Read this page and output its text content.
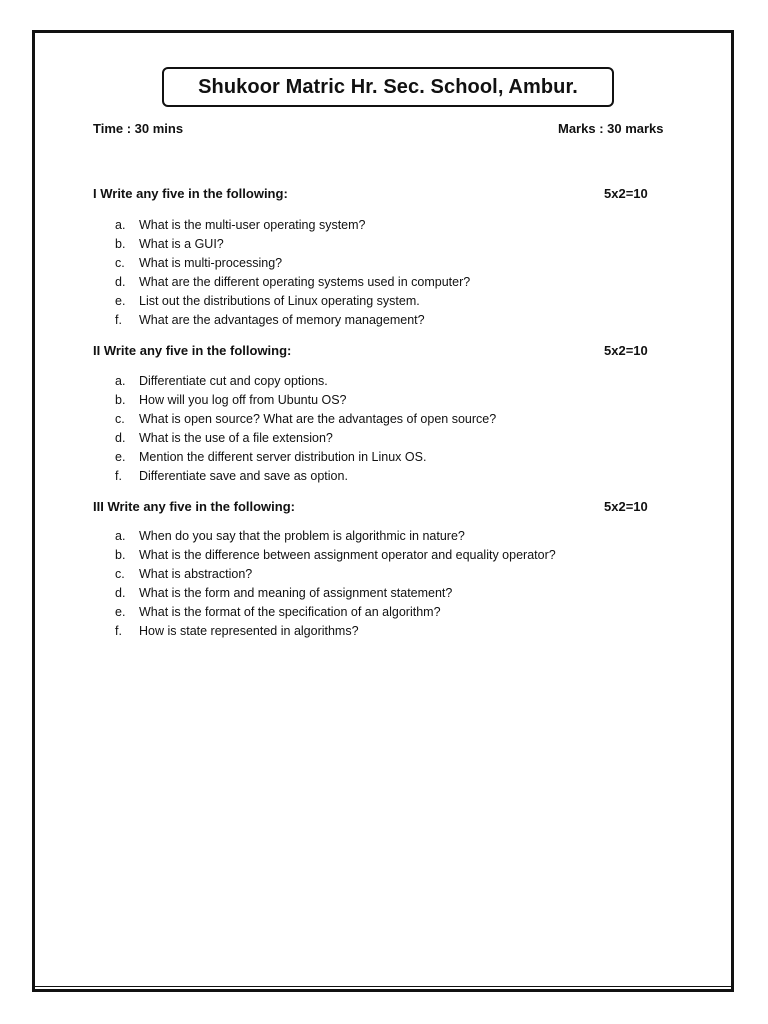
Shukoor Matric Hr. Sec. School, Ambur.
Time : 30 mins	Marks : 30 marks
I Write any five in the following:	5x2=10
a.	What is the multi-user operating system?
b.	What is a GUI?
c.	What is multi-processing?
d.	What are the different operating systems used in computer?
e.	List out the distributions of Linux operating system.
f.	What are the advantages of memory management?
II Write any five in the following:	5x2=10
a.	Differentiate cut and copy options.
b.	How will you log off from Ubuntu OS?
c.	What is open source? What are the advantages of open source?
d.	What is the use of a file extension?
e.	Mention the different server distribution in Linux OS.
f.	Differentiate save and save as option.
III Write any five in the following:	5x2=10
a.	When do you say that the problem is algorithmic in nature?
b.	What is the difference between assignment operator and equality operator?
c.	What is abstraction?
d.	What is the form and meaning of assignment statement?
e.	What is the format of the specification of an algorithm?
f.	How is state represented in algorithms?
